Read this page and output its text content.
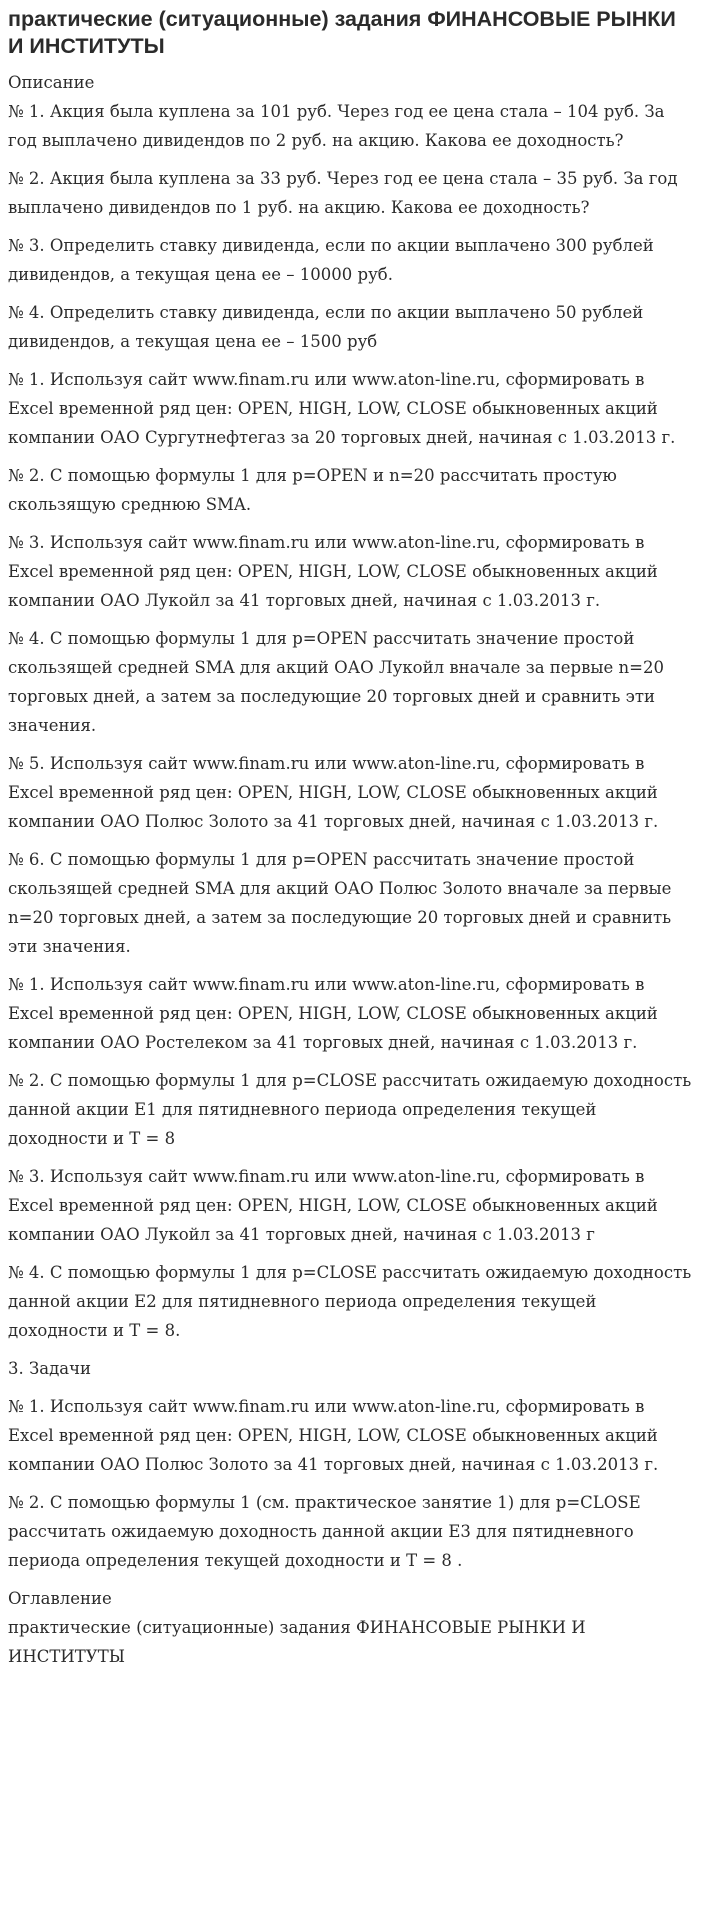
практические (ситуационные) задания ФИНАНСОВЫЕ РЫНКИ И ИНСТИТУТЫ

Описание

№ 1. Акция была куплена за 101 руб. Через год ее цена стала – 104 руб. За год выплачено дивидендов по 2 руб. на акцию. Какова ее доходность?

№ 2. Акция была куплена за 33 руб. Через год ее цена стала – 35 руб. За год выплачено дивидендов по 1 руб. на акцию. Какова ее доходность?

№ 3. Определить ставку дивиденда, если по акции выплачено 300 рублей дивидендов, а текущая цена ее – 10000 руб.

№ 4. Определить ставку дивиденда, если по акции выплачено 50 рублей дивидендов, а текущая цена ее – 1500 руб

№ 1. Используя сайт www.finam.ru или www.aton-line.ru, сформировать в Excel временной ряд цен: OPEN, HIGH, LOW, CLOSE обыкновенных акций компании ОАО Сургутнефтегаз за 20 торговых дней, начиная с 1.03.2013 г.

№ 2. С помощью формулы 1 для p=OPEN и n=20 рассчитать простую скользящую среднюю SMA.

№ 3. Используя сайт www.finam.ru или www.aton-line.ru, сформировать в Excel временной ряд цен: OPEN, HIGH, LOW, CLOSE обыкновенных акций компании ОАО Лукойл за 41 торговых дней, начиная с 1.03.2013 г.

№ 4. С помощью формулы 1 для p=OPEN рассчитать значение простой скользящей средней SMA для акций ОАО Лукойл вначале за первые n=20 торговых дней, а затем за последующие 20 торговых дней и сравнить эти значения.

№ 5. Используя сайт www.finam.ru или www.aton-line.ru, сформировать в Excel временной ряд цен: OPEN, HIGH, LOW, CLOSE обыкновенных акций компании ОАО Полюс Золото за 41 торговых дней, начиная с 1.03.2013 г.

№ 6. С помощью формулы 1 для p=OPEN рассчитать значение простой скользящей средней SMA для акций ОАО Полюс Золото вначале за первые n=20 торговых дней, а затем за последующие 20 торговых дней и сравнить эти значения.

№ 1. Используя сайт www.finam.ru или www.aton-line.ru, сформировать в Excel временной ряд цен: OPEN, HIGH, LOW, CLOSE обыкновенных акций компании ОАО Ростелеком за 41 торговых дней, начиная с 1.03.2013 г.

№ 2. С помощью формулы 1 для p=CLOSE рассчитать ожидаемую доходность данной акции Е1 для пятидневного периода определения текущей доходности и Т = 8

№ 3. Используя сайт www.finam.ru или www.aton-line.ru, сформировать в Excel временной ряд цен: OPEN, HIGH, LOW, CLOSE обыкновенных акций компании ОАО Лукойл за 41 торговых дней, начиная с 1.03.2013 г

№ 4. С помощью формулы 1 для p=CLOSE рассчитать ожидаемую доходность данной акции Е2 для пятидневного периода определения текущей доходности и Т = 8.

3. Задачи

№ 1. Используя сайт www.finam.ru или www.aton-line.ru, сформировать в Excel временной ряд цен: OPEN, HIGH, LOW, CLOSE обыкновенных акций компании ОАО Полюс Золото за 41 торговых дней, начиная с 1.03.2013 г.

№ 2. С помощью формулы 1 (см. практическое занятие 1) для p=CLOSE рассчитать ожидаемую доходность данной акции Е3 для пятидневного периода определения текущей доходности и Т = 8 .

Оглавление

практические (ситуационные) задания ФИНАНСОВЫЕ РЫНКИ И ИНСТИТУТЫ
